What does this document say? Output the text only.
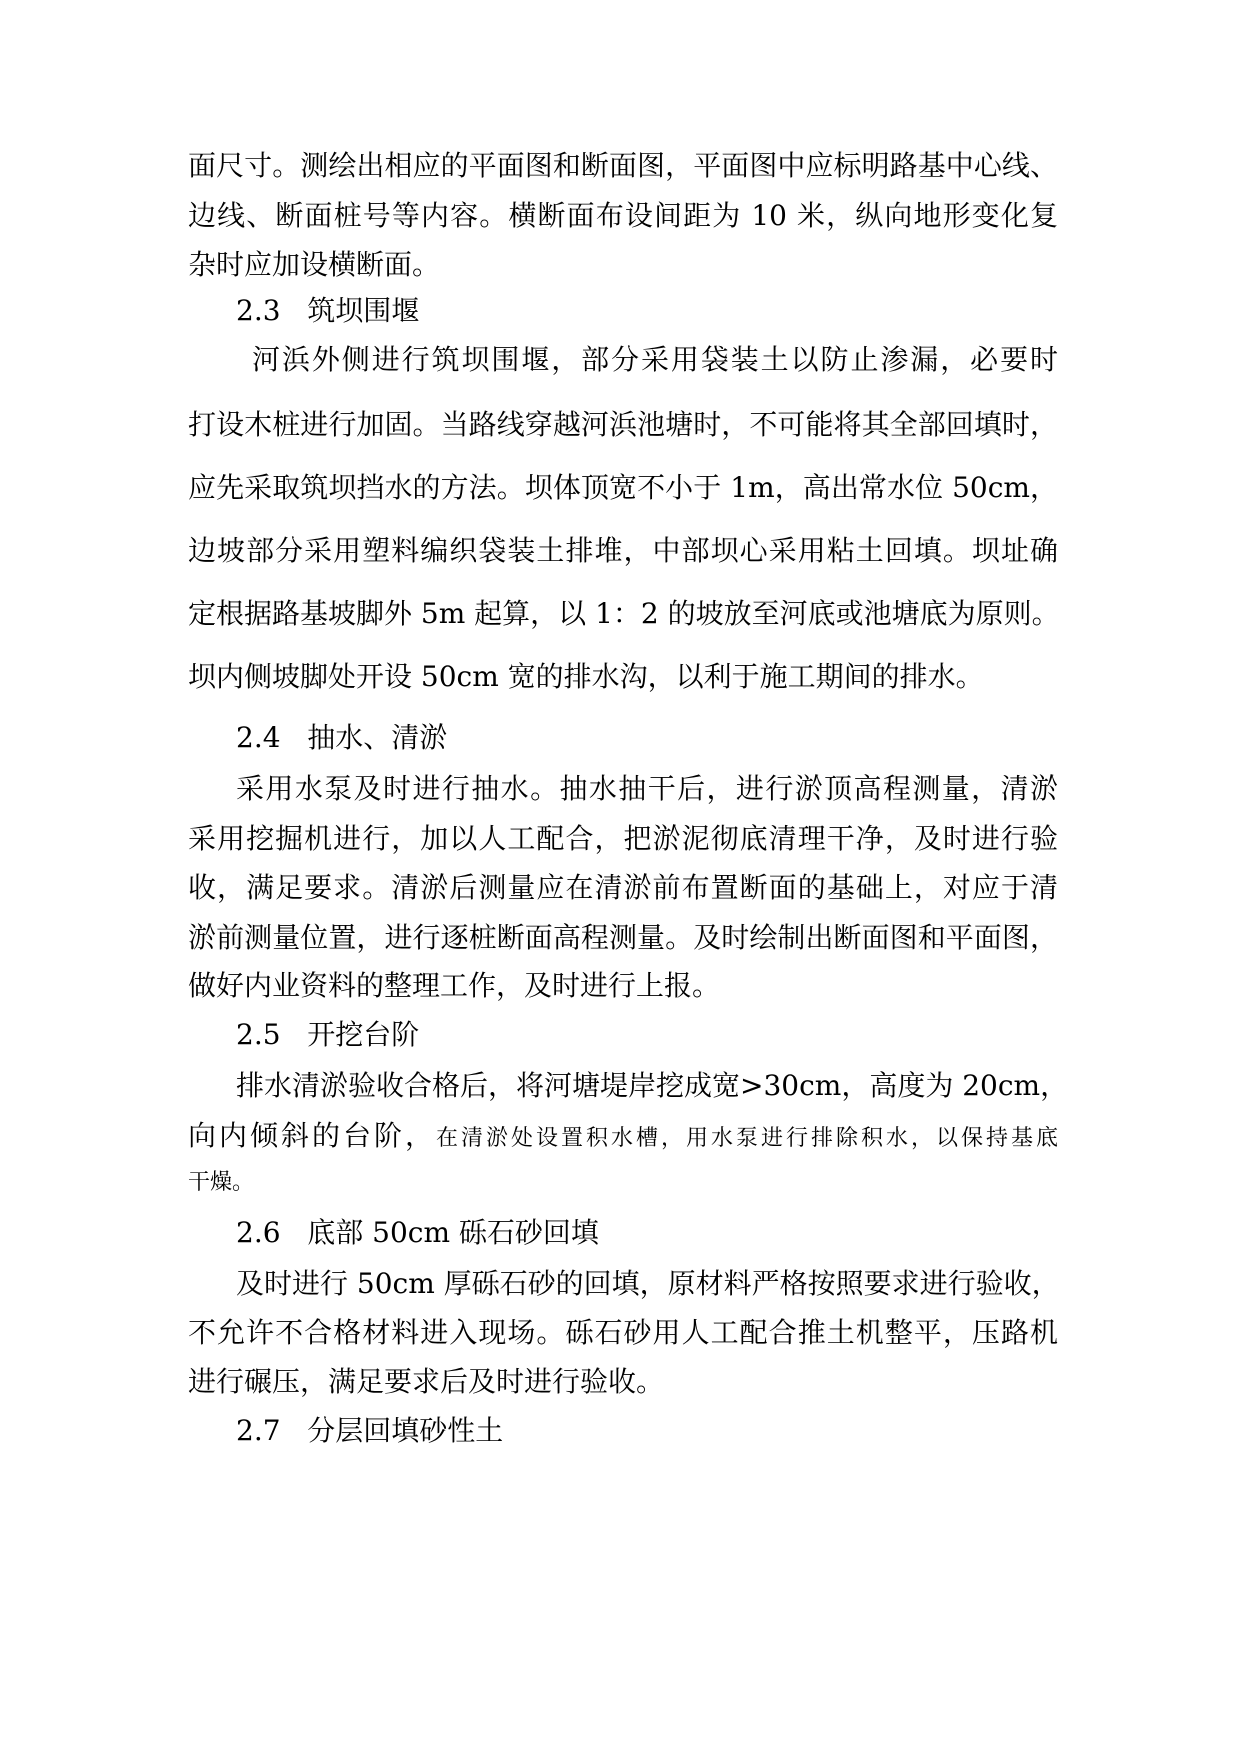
面尺寸。测绘出相应的平面图和断面图，平面图中应标明路基中心线、
边线、断面桩号等内容。横断面布设间距为 10 米，纵向地形变化复
杂时应加设横断面。
2.3   筑坝围堰
河浜外侧进行筑坝围堰，部分采用袋装土以防止渗漏，必要时
打设木桩进行加固。当路线穿越河浜池塘时，不可能将其全部回填时，
应先采取筑坝挡水的方法。坝体顶宽不小于 1m，高出常水位 50cm，
边坡部分采用塑料编织袋装土排堆，中部坝心采用粘土回填。坝址确
定根据路基坡脚外 5m 起算，以 1：2 的坡放至河底或池塘底为原则。
坝内侧坡脚处开设 50cm 宽的排水沟，以利于施工期间的排水。
2.4   抽水、清淤
采用水泵及时进行抽水。抽水抽干后，进行淤顶高程测量，清淤
采用挖掘机进行，加以人工配合，把淤泥彻底清理干净，及时进行验
收，满足要求。清淤后测量应在清淤前布置断面的基础上，对应于清
淤前测量位置，进行逐桩断面高程测量。及时绘制出断面图和平面图，
做好内业资料的整理工作，及时进行上报。
2.5   开挖台阶
排水清淤验收合格后，将河塘堤岸挖成宽>30cm，高度为 20cm，
向内倾斜的台阶，在清淤处设置积水槽，用水泵进行排除积水，以保持基底
干燥。
2.6   底部 50cm 砾石砂回填
及时进行 50cm 厚砾石砂的回填，原材料严格按照要求进行验收，
不允许不合格材料进入现场。砾石砂用人工配合推土机整平，压路机
进行碾压，满足要求后及时进行验收。
2.7   分层回填砂性土
